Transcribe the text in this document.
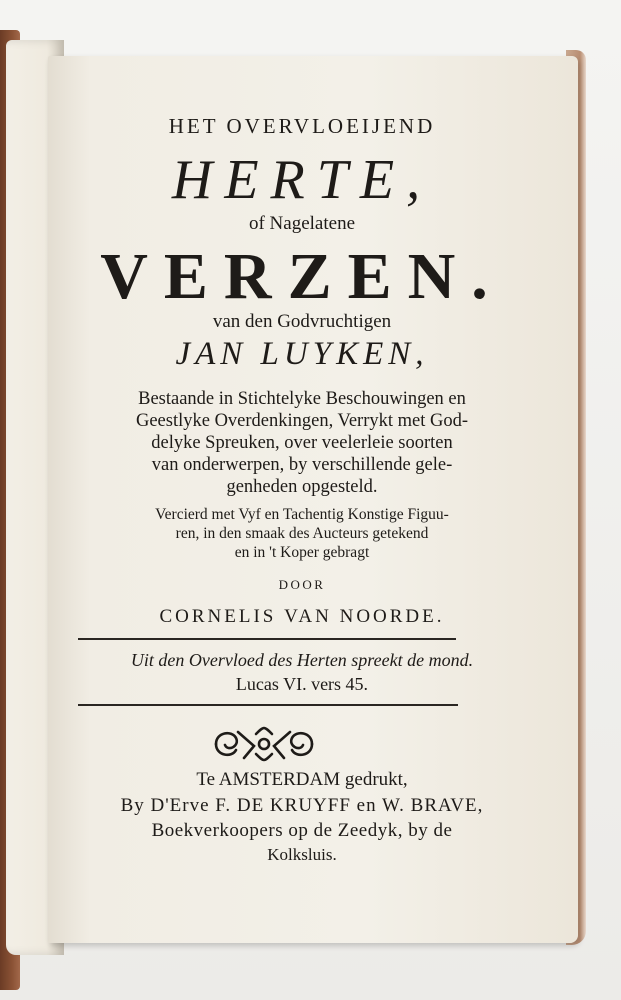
HET OVERVLOEIJEND
HERTE,
of Nagelatene
VERZEN.
van den Godvruchtigen
JAN LUYKEN,
Bestaande in Stichtelyke Beschouwingen en
Geestlyke Overdenkingen, Verrykt met God-
delyke Spreuken, over veelerleie soorten
van onderwerpen, by verschillende gele-
genheden opgesteld.
Vercierd met Vyf en Tachentig Konstige Figuu-
ren, in den smaak des Aucteurs getekend
en in 't Koper gebragt
DOOR
CORNELIS VAN NOORDE.
Uit den Overvloed des Herten spreekt de mond.
Lucas VI. vers 45.
Te AMSTERDAM gedrukt,
By D'Erve F. DE KRUYFF en W. BRAVE,
Boekverkoopers op de Zeedyk, by de
Kolksluis.
